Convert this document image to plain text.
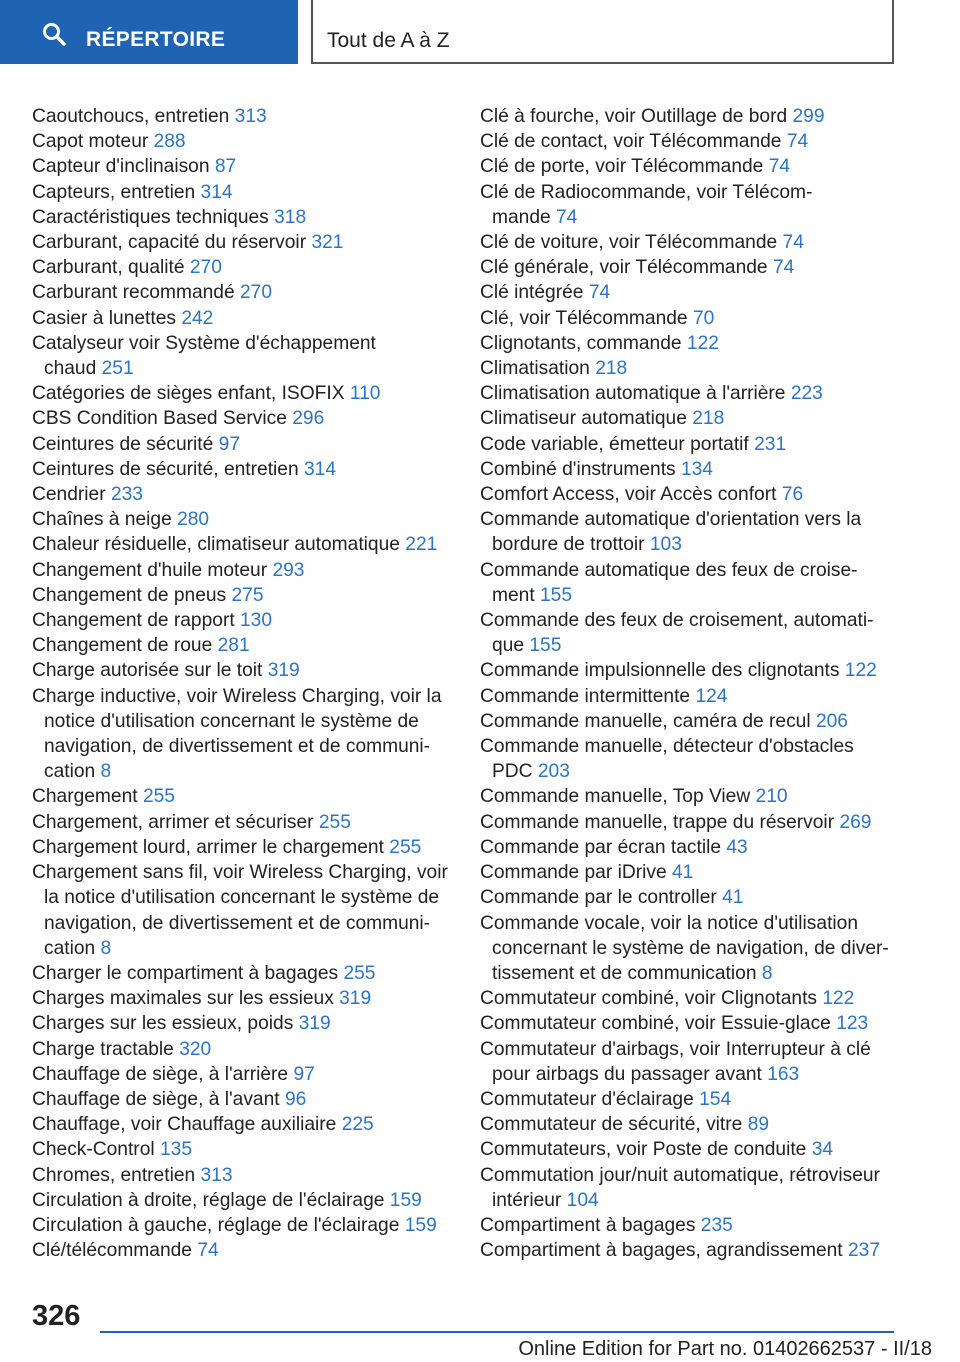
RÉPERTOIRE	Tout de A à Z
Caoutchoucs, entretien 313
Capot moteur 288
Capteur d'inclinaison 87
Capteurs, entretien 314
Caractéristiques techniques 318
Carburant, capacité du réservoir 321
Carburant, qualité 270
Carburant recommandé 270
Casier à lunettes 242
Catalyseur voir Système d'échappement
chaud 251
Catégories de sièges enfant, ISOFIX 110
CBS Condition Based Service 296
Ceintures de sécurité 97
Ceintures de sécurité, entretien 314
Cendrier 233
Chaînes à neige 280
Chaleur résiduelle, climatiseur automatique 221
Changement d'huile moteur 293
Changement de pneus 275
Changement de rapport 130
Changement de roue 281
Charge autorisée sur le toit 319
Charge inductive, voir Wireless Charging, voir la
notice d'utilisation concernant le système de
navigation, de divertissement et de communi‐
cation 8
Chargement 255
Chargement, arrimer et sécuriser 255
Chargement lourd, arrimer le chargement 255
Chargement sans fil, voir Wireless Charging, voir
la notice d'utilisation concernant le système de
navigation, de divertissement et de communi‐
cation 8
Charger le compartiment à bagages 255
Charges maximales sur les essieux 319
Charges sur les essieux, poids 319
Charge tractable 320
Chauffage de siège, à l'arrière 97
Chauffage de siège, à l'avant 96
Chauffage, voir Chauffage auxiliaire 225
Check-Control 135
Chromes, entretien 313
Circulation à droite, réglage de l'éclairage 159
Circulation à gauche, réglage de l'éclairage 159
Clé/télécommande 74
Clé à fourche, voir Outillage de bord 299
Clé de contact, voir Télécommande 74
Clé de porte, voir Télécommande 74
Clé de Radiocommande, voir Télécom‐
mande 74
Clé de voiture, voir Télécommande 74
Clé générale, voir Télécommande 74
Clé intégrée 74
Clé, voir Télécommande 70
Clignotants, commande 122
Climatisation 218
Climatisation automatique à l'arrière 223
Climatiseur automatique 218
Code variable, émetteur portatif 231
Combiné d'instruments 134
Comfort Access, voir Accès confort 76
Commande automatique d'orientation vers la
bordure de trottoir 103
Commande automatique des feux de croise‐
ment 155
Commande des feux de croisement, automati‐
que 155
Commande impulsionnelle des clignotants 122
Commande intermittente 124
Commande manuelle, caméra de recul 206
Commande manuelle, détecteur d'obstacles
PDC 203
Commande manuelle, Top View 210
Commande manuelle, trappe du réservoir 269
Commande par écran tactile 43
Commande par iDrive 41
Commande par le controller 41
Commande vocale, voir la notice d'utilisation
concernant le système de navigation, de diver‐
tissement et de communication 8
Commutateur combiné, voir Clignotants 122
Commutateur combiné, voir Essuie-glace 123
Commutateur d'airbags, voir Interrupteur à clé
pour airbags du passager avant 163
Commutateur d'éclairage 154
Commutateur de sécurité, vitre 89
Commutateurs, voir Poste de conduite 34
Commutation jour/nuit automatique, rétroviseur
intérieur 104
Compartiment à bagages 235
Compartiment à bagages, agrandissement 237
326
Online Edition for Part no. 01402662537 - II/18
